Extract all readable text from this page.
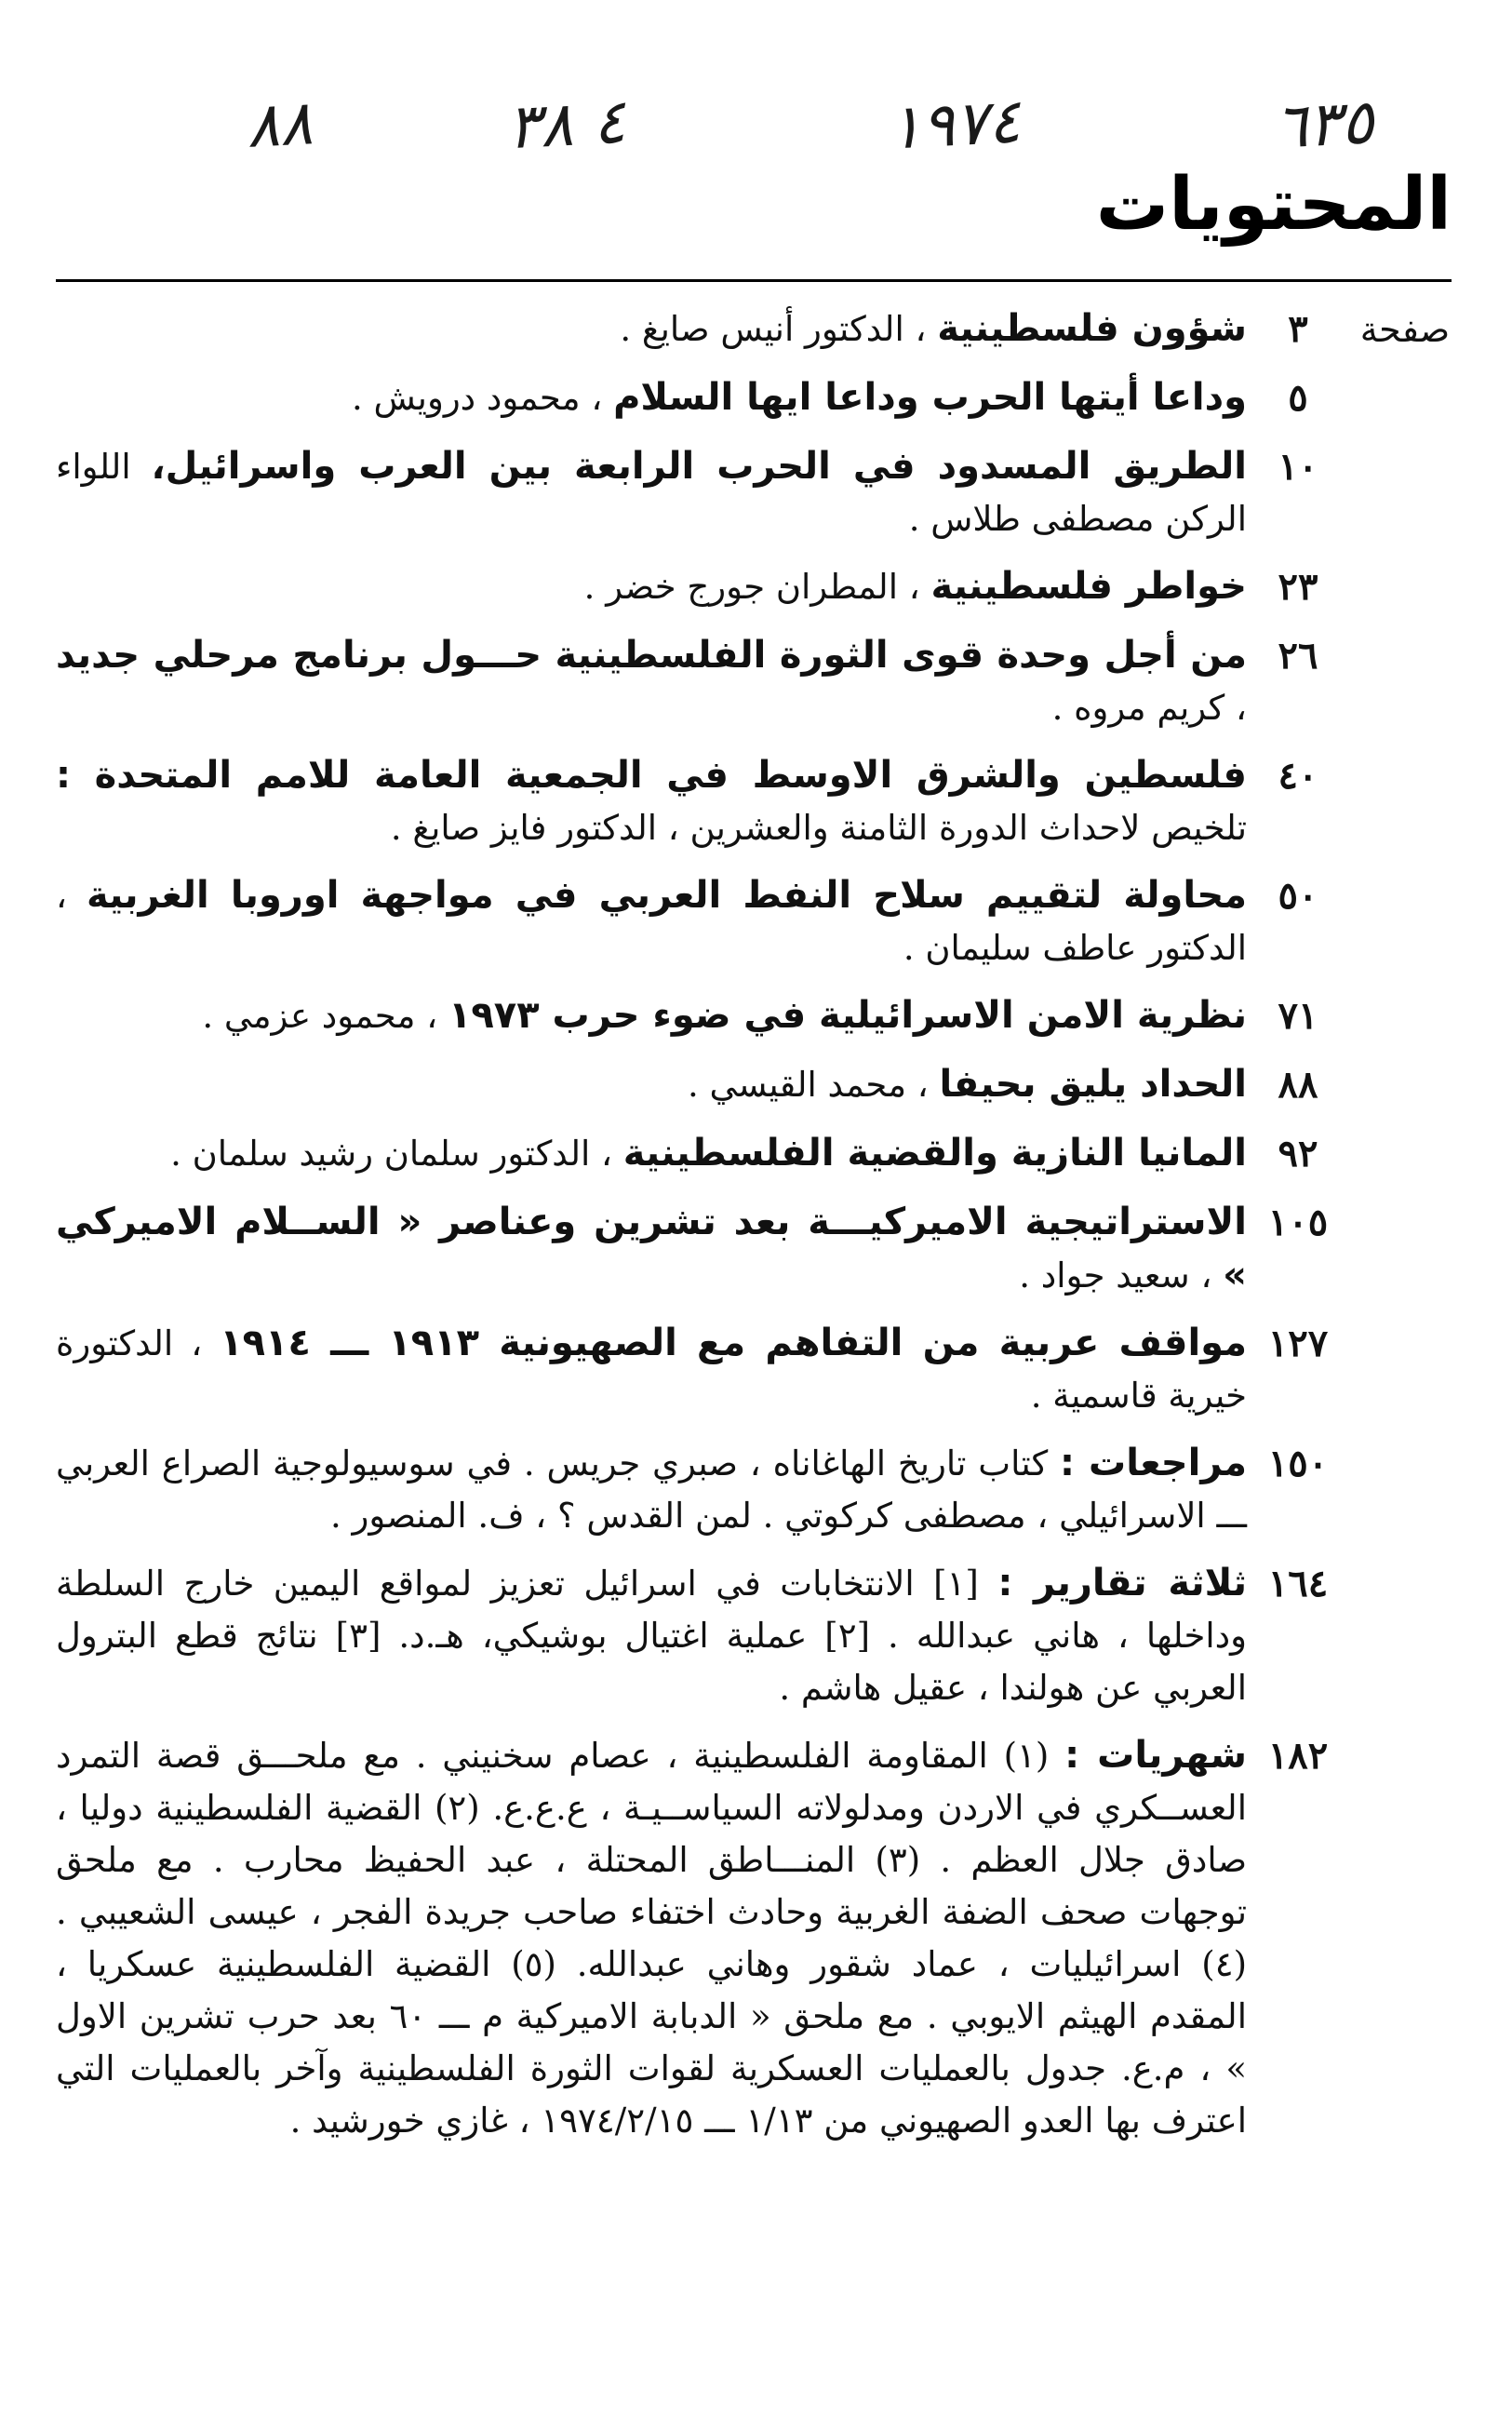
٨٨	٤ ٣٨	١٩٧٤	٦٣٥
المحتويات
صفحة
٣
شؤون فلسطينية ، الدكتور أنيس صايغ .
٥
وداعا أيتها الحرب وداعا ايها السلام ، محمود درويش .
١٠
الطريق المسدود في الحرب الرابعة بين العرب واسرائيل، اللواء الركن مصطفى طلاس .
٢٣
خواطر فلسطينية ، المطران جورج خضر .
٢٦
من أجل وحدة قوى الثورة الفلسطينية حـــول برنامج مرحلي جديد ، كريم مروه .
٤٠
فلسطين والشرق الاوسط في الجمعية العامة للامم المتحدة : تلخيص لاحداث الدورة الثامنة والعشرين ، الدكتور فايز صايغ .
٥٠
محاولة لتقييم سلاح النفط العربي في مواجهة اوروبا الغربية ، الدكتور عاطف سليمان .
٧١
نظرية الامن الاسرائيلية في ضوء حرب ١٩٧٣ ، محمود عزمي .
٨٨
الحداد يليق بحيفا ، محمد القيسي .
٩٢
المانيا النازية والقضية الفلسطينية ، الدكتور سلمان رشيد سلمان .
١٠٥
الاستراتيجية الاميركيـــة بعد تشرين وعناصر « الســلام الاميركي » ، سعيد جواد .
١٢٧
مواقف عربية من التفاهم مع الصهيونية ١٩١٣ ـــ ١٩١٤ ، الدكتورة خيرية قاسمية .
١٥٠
مراجعات : كتاب تاريخ الهاغاناه ، صبري جريس . في سوسيولوجية الصراع العربي ـــ الاسرائيلي ، مصطفى كركوتي . لمن القدس ؟ ، ف. المنصور .
١٦٤
ثلاثة تقارير : [١] الانتخابات في اسرائيل تعزيز لمواقع اليمين خارج السلطة وداخلها ، هاني عبدالله . [٢] عملية اغتيال بوشيكي، هـ.د. [٣] نتائج قطع البترول العربي عن هولندا ، عقيل هاشم .
١٨٢
شهريات : (١) المقاومة الفلسطينية ، عصام سخنيني . مع ملحـــق قصة التمرد العســكري في الاردن ومدلولاته السياســيـة ، ع.ع.ع. (٢) القضية الفلسطينية دوليا ، صادق جلال العظم . (٣) المنـــاطق المحتلة ، عبد الحفيظ محارب . مع ملحق توجهات صحف الضفة الغربية وحادث اختفاء صاحب جريدة الفجر ، عيسى الشعيبي . (٤) اسرائيليات ، عماد شقور وهاني عبدالله. (٥) القضية الفلسطينية عسكريا ، المقدم الهيثم الايوبي . مع ملحق « الدبابة الاميركية م ـــ ٦٠ بعد حرب تشرين الاول » ، م.ع. جدول بالعمليات العسكرية لقوات الثورة الفلسطينية وآخر بالعمليات التي اعترف بها العدو الصهيوني من ١/١٣ ـــ ١٩٧٤/٢/١٥ ، غازي خورشيد .
